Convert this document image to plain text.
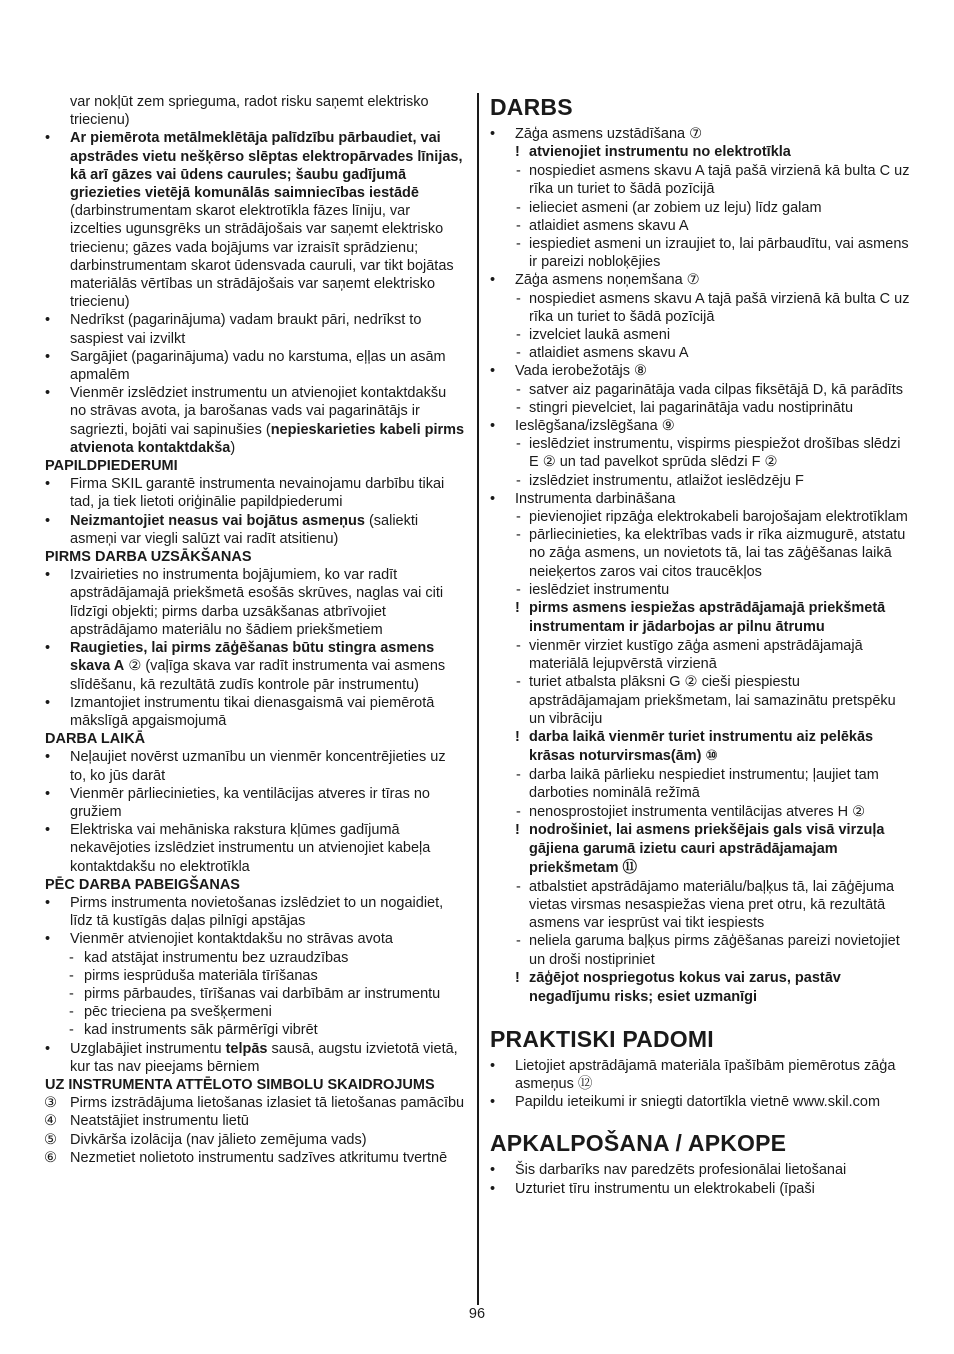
var nokļūt zem sprieguma, radot risku saņemt elektrisko triecienu)

•	Ar piemērota metālmeklētāja palīdzību pārbaudiet, vai apstrādes vietu nešķērso slēptas elektropārvades līnijas, kā arī gāzes vai ūdens caurules; šaubu gadījumā griezieties vietējā komunālās saimniecības iestādē (darbinstrumentam skarot elektrotīkla fāzes līniju, var izcelties ugunsgrēks un strādājošais var saņemt elektrisko triecienu; gāzes vada bojājums var izraisīt sprādzienu; darbinstrumentam skarot ūdensvada cauruli, var tikt bojātas materiālās vērtības un strādājošais var saņemt elektrisko triecienu)
•	Nedrīkst (pagarinājuma) vadam braukt pāri, nedrīkst to saspiest vai izvilkt
•	Sargājiet (pagarinājuma) vadu no karstuma, eļļas un asām apmalēm
•	Vienmēr izslēdziet instrumentu un atvienojiet kontaktdakšu no strāvas avota, ja barošanas vads vai pagarinātājs ir sagriezti, bojāti vai sapinušies (nepieskarieties kabeli pirms atvienota kontaktdakša)
PAPILDPIEDERUMI
•	Firma SKIL garantē instrumenta nevainojamu darbību tikai tad, ja tiek lietoti oriģinālie papildpiederumi
•	Neizmantojiet neasus vai bojātus asmeņus (saliekti asmeņi var viegli salūzt vai radīt atsitienu)
PIRMS DARBA UZSĀKŠANAS
•	Izvairieties no instrumenta bojājumiem, ko var radīt apstrādājamajā priekšmetā esošās skrūves, naglas vai citi līdzīgi objekti; pirms darba uzsākšanas atbrīvojiet apstrādājamo materiālu no šādiem priekšmetiem
•	Raugieties, lai pirms zāģēšanas būtu stingra asmens skava A ② (vaļīga skava var radīt instrumenta vai asmens slīdēšanu, kā rezultātā zudīs kontrole pār instrumentu)
•	Izmantojiet instrumentu tikai dienasgaismā vai piemērotā mākslīgā apgaismojumā
DARBA LAIKĀ
•	Neļaujiet novērst uzmanību un vienmēr koncentrējieties uz to, ko jūs darāt
•	Vienmēr pārliecinieties, ka ventilācijas atveres ir tīras no gružiem
•	Elektriska vai mehāniska rakstura kļūmes gadījumā nekavējoties izslēdziet instrumentu un atvienojiet kabeļa kontaktdakšu no elektrotīkla
PĒC DARBA PABEIGŠANAS
•	Pirms instrumenta novietošanas izslēdziet to un nogaidiet, līdz tā kustīgās daļas pilnīgi apstājas
•	Vienmēr atvienojiet kontaktdakšu no strāvas avota
- kad atstājat instrumentu bez uzraudzības
- pirms iesprūduša materiāla tīrīšanas
- pirms pārbaudes, tīrīšanas vai darbībām ar instrumentu
- pēc trieciena pa svešķermeni
- kad instruments sāk pārmērīgi vibrēt
•	Uzglabājiet instrumentu telpās sausā, augstu izvietotā vietā, kur tas nav pieejams bērniem
UZ INSTRUMENTA ATTĒLOTO SIMBOLU SKAIDROJUMS
③ Pirms izstrādājuma lietošanas izlasiet tā lietošanas pamācību
④ Neatstājiet instrumentu lietū
⑤ Divkārša izolācija (nav jālieto zemējuma vads)
⑥ Nezmetiet nolietoto instrumentu sadzīves atkritumu tvertnē
DARBS
•	Zāģa asmens uzstādīšana ⑦
! atvienojiet instrumentu no elektrotīkla
- nospiediet asmens skavu A tajā pašā virzienā kā bulta C uz rīka un turiet to šādā pozīcijā
- ielieciet asmeni (ar zobiem uz leju) līdz galam
- atlaidiet asmens skavu A
- iespiediet asmeni un izraujiet to, lai pārbaudītu, vai asmens ir pareizi nobloķējies
•	Zāģa asmens noņemšana ⑦
- nospiediet asmens skavu A tajā pašā virzienā kā bulta C uz rīka un turiet to šādā pozīcijā
- izvelciet laukā asmeni
- atlaidiet asmens skavu A
•	Vada ierobežotājs ⑧
- satver aiz pagarinātāja vada cilpas fiksētājā D, kā parādīts
- stingri pievelciet, lai pagarinātāja vadu nostiprinātu
•	Ieslēgšana/izslēgšana ⑨
- ieslēdziet instrumentu, vispirms piespiežot drošības slēdzi E ② un tad pavelkot sprūda slēdzi F ②
- izslēdziet instrumentu, atlaižot ieslēdzēju F
•	Instrumenta darbināšana
- pievienojiet ripzāģa elektrokabeli barojošajam elektrotīklam
- pārliecinieties, ka elektrības vads ir rīka aizmugurē, atstatu no zāģa asmens, un novietots tā, lai tas zāģēšanas laikā neieķertos zaros vai citos traucēkļos
- ieslēdziet instrumentu
! pirms asmens iespiežas apstrādājamajā priekšmetā instrumentam ir jādarbojas ar pilnu ātrumu
- vienmēr virziet kustīgo zāģa asmeni apstrādājamajā materiālā lejupvērstā virzienā
- turiet atbalsta plāksni G ② cieši piespiestu apstrādājamajam priekšmetam, lai samazinātu pretspēku un vibrāciju
! darba laikā vienmēr turiet instrumentu aiz pelēkās krāsas noturvirsmas(ām) ⑩
- darba laikā pārlieku nespiediet instrumentu; ļaujiet tam darboties nominālā režīmā
- nenosprostojiet instrumenta ventilācijas atveres H ②
! nodrošiniet, lai asmens priekšējais gals visā virzuļa gājiena garumā izietu cauri apstrādājamajam priekšmetam ⑪
- atbalstiet apstrādājamo materiālu/baļķus tā, lai zāģējuma vietas virsmas nesaspiežas viena pret otru, kā rezultātā asmens var iesprūst vai tikt iespiests
- neliela garuma baļķus pirms zāģēšanas pareizi novietojiet un droši nostipriniet
! zāģējot nospriegotus kokus vai zarus, pastāv negadījumu risks; esiet uzmanīgi
PRAKTISKI PADOMI
•	Lietojiet apstrādājamā materiāla īpašībām piemērotus zāģa asmeņus ⑫
•	Papildu ieteikumi ir sniegti datortīkla vietnē www.skil.com
APKALPOŠANA / APKOPE
•	Šis darbarīks nav paredzēts profesionālai lietošanai
•	Uzturiet tīru instrumentu un elektrokabeli (īpaši
96
